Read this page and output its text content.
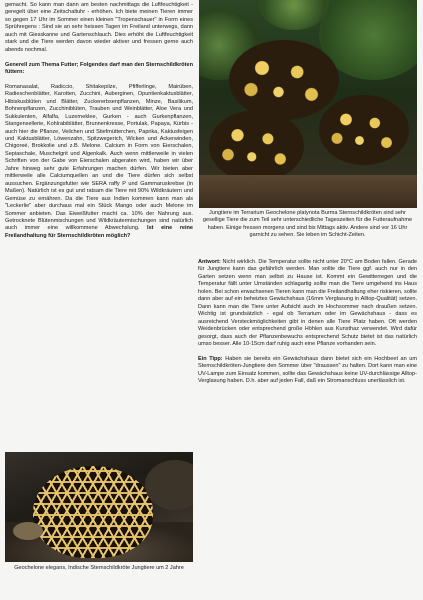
gemacht. So kann man dann am besten nachmittags die Luftfeuchtigkeit - geregelt über eine Zeitschaltuhr - erhöhen. Ich biete meinen Tieren immer so gegen 17 Uhr im Sommer einen kleinen "Tropenschauer" in Form eines Sprühregens : Sind sie an sehr heissen Tagen im Freiland unterwegs, dann auch mit Giesskanne und Gartenschlauch. Dies erhöht die Luftfeuchtigkeit stark und die Tiere werden davon wieder aktiver und fressen gerne auch abends nochmal.

Generell zum Thema Futter; Folgendes darf man den Sternschildkröten füttern:

Romanasalat, Radiccio, Shitakepilze, Pfifferlinge, Mairüben, Radieschenblätter, Karotten, Zucchini, Auberginen, Opuntienkaktusblätter, Hibiskusblüten und Blätter, Zuckererbsenpflanzen, Minze, Basilikum, Bohnenpflanzen, Zucchiniblüten, Trauben und Weinblätter, Aloe Vera und Sukkulenten, Alfalfa, Luzerneklee, Gurken - auch Gurkenpflanzen, Stangensellerie, Kohlrabiblätter, Brunnenkresse, Portulak, Papaya, Kürbis - auch hier die Pflanze, Veilchen und Stiefmütterchen, Paprika, Kaktusfeigen und Kaktusblätter, Löwenzahn, Spitzwegerich, Wicken und Ackerwinden, Chigoreé, Brokkolie und z.B. Melone. Calcium in Form von Eierschalen, Sepiaschale, Muschelgrit und Algenkalk. Auch wenn mittlerweile in vielen Schriften von der Gabe von Eierschalen abgeraten wird, haben wir über Jahre hinweg sehr gute Erfahrungen machen dürfen. Wir bieten aber mittlerweile alle Calciumquellen an und die Tiere dürfen sich selbst aussuchen. Ergänzungsfutter wie SERA raffy P und Gammaruskrebse (in Maßen). Natürlich ist es gut und ratsam die Tiere mit 90% Wildkräutern und Gemüse zu ernähren. Da die Tiere aus Indien kommen kann man als "Leckerlie" aber durchaus mal ein Stück Mango oder auch Melone im Sommer anbieten. Das Eiweißfutter macht ca. 10% der Nahrung aus. Getrocknete Blütenmischungen und Wildkräutermischungen sind natürlich auch immer eine willkommene Abwechslung. Ist eine reine Freilandhaltung für Sternschildkröten möglich?

Geochelone elegans, Indische Sternschildkröte Jungtiere um 2 Jahre
Jungtiere im Terrarium Geochelone platynota Burma Sternschildkröten sind sehr gesellige Tiere die zum Teil sehr unterschiedliche Tageszeiten für die Futteraufnahme haben. Einige fressen morgens und sind bis Mittags aktiv. Andere sind vor 16 Uhr garnicht zu sehen. Sie leben im Schicht-Zeiten.

Antwort: Nicht wirklich. Die Temperatur sollte nicht unter 20°C am Boden fallen. Gerade für Jungtiere kann das gefährlich werden. Man sollte die Tiere ggf. auch nur in den Garten setzen wenn man selbst zu Hause ist. Kommt ein Gewitterregen und die Temperatur fällt unter Umständen schlagartig sollte man die Tiere umgehend ins Haus holen. Bei schon erwachsenen Tieren kann man die Freilandhaltung eher riskieren, sollte dann aber auf ein beheiztes Gewächshaus (16mm Verglasung in Alltop-Qualität) setzen. Dann kann man die Tiere unter Aufsicht auch im Hochsommer nach draußen setzen. Wichtig ist grundsätzlich - egal ob Terrarium oder im Gewächshaus - dass es ausreichend Versteckmöglichkeiten gibt in denen alle Tiere Platz haben. Oft werden Weidenbrücken oder entsprechend große Höhlen aus Kunsthaz verwendet. Wird dafür gesorgt, dass auch der Pflanzenbewuchs entsprechend Schutz bietet ist das natürlich umso besser. Alle 10-15cm darf ruhig auch eine Pflanze vorhanden sein.

Ein Tipp: Haben sie bereits ein Gewächshaus dann bietet sich ein Hochbeet an um Sternschildkröten-Jungtiere den Sommer über "draussen" zu halten. Dort kann man eine UV-Lampe zum Einsatz kommen, sollte das Gewächshaus keine UV-durchlässige Alltop-Verglasung haben. D.h. aber auf jeden Fall, daß ein Stromanschluss unerlässlich ist.
